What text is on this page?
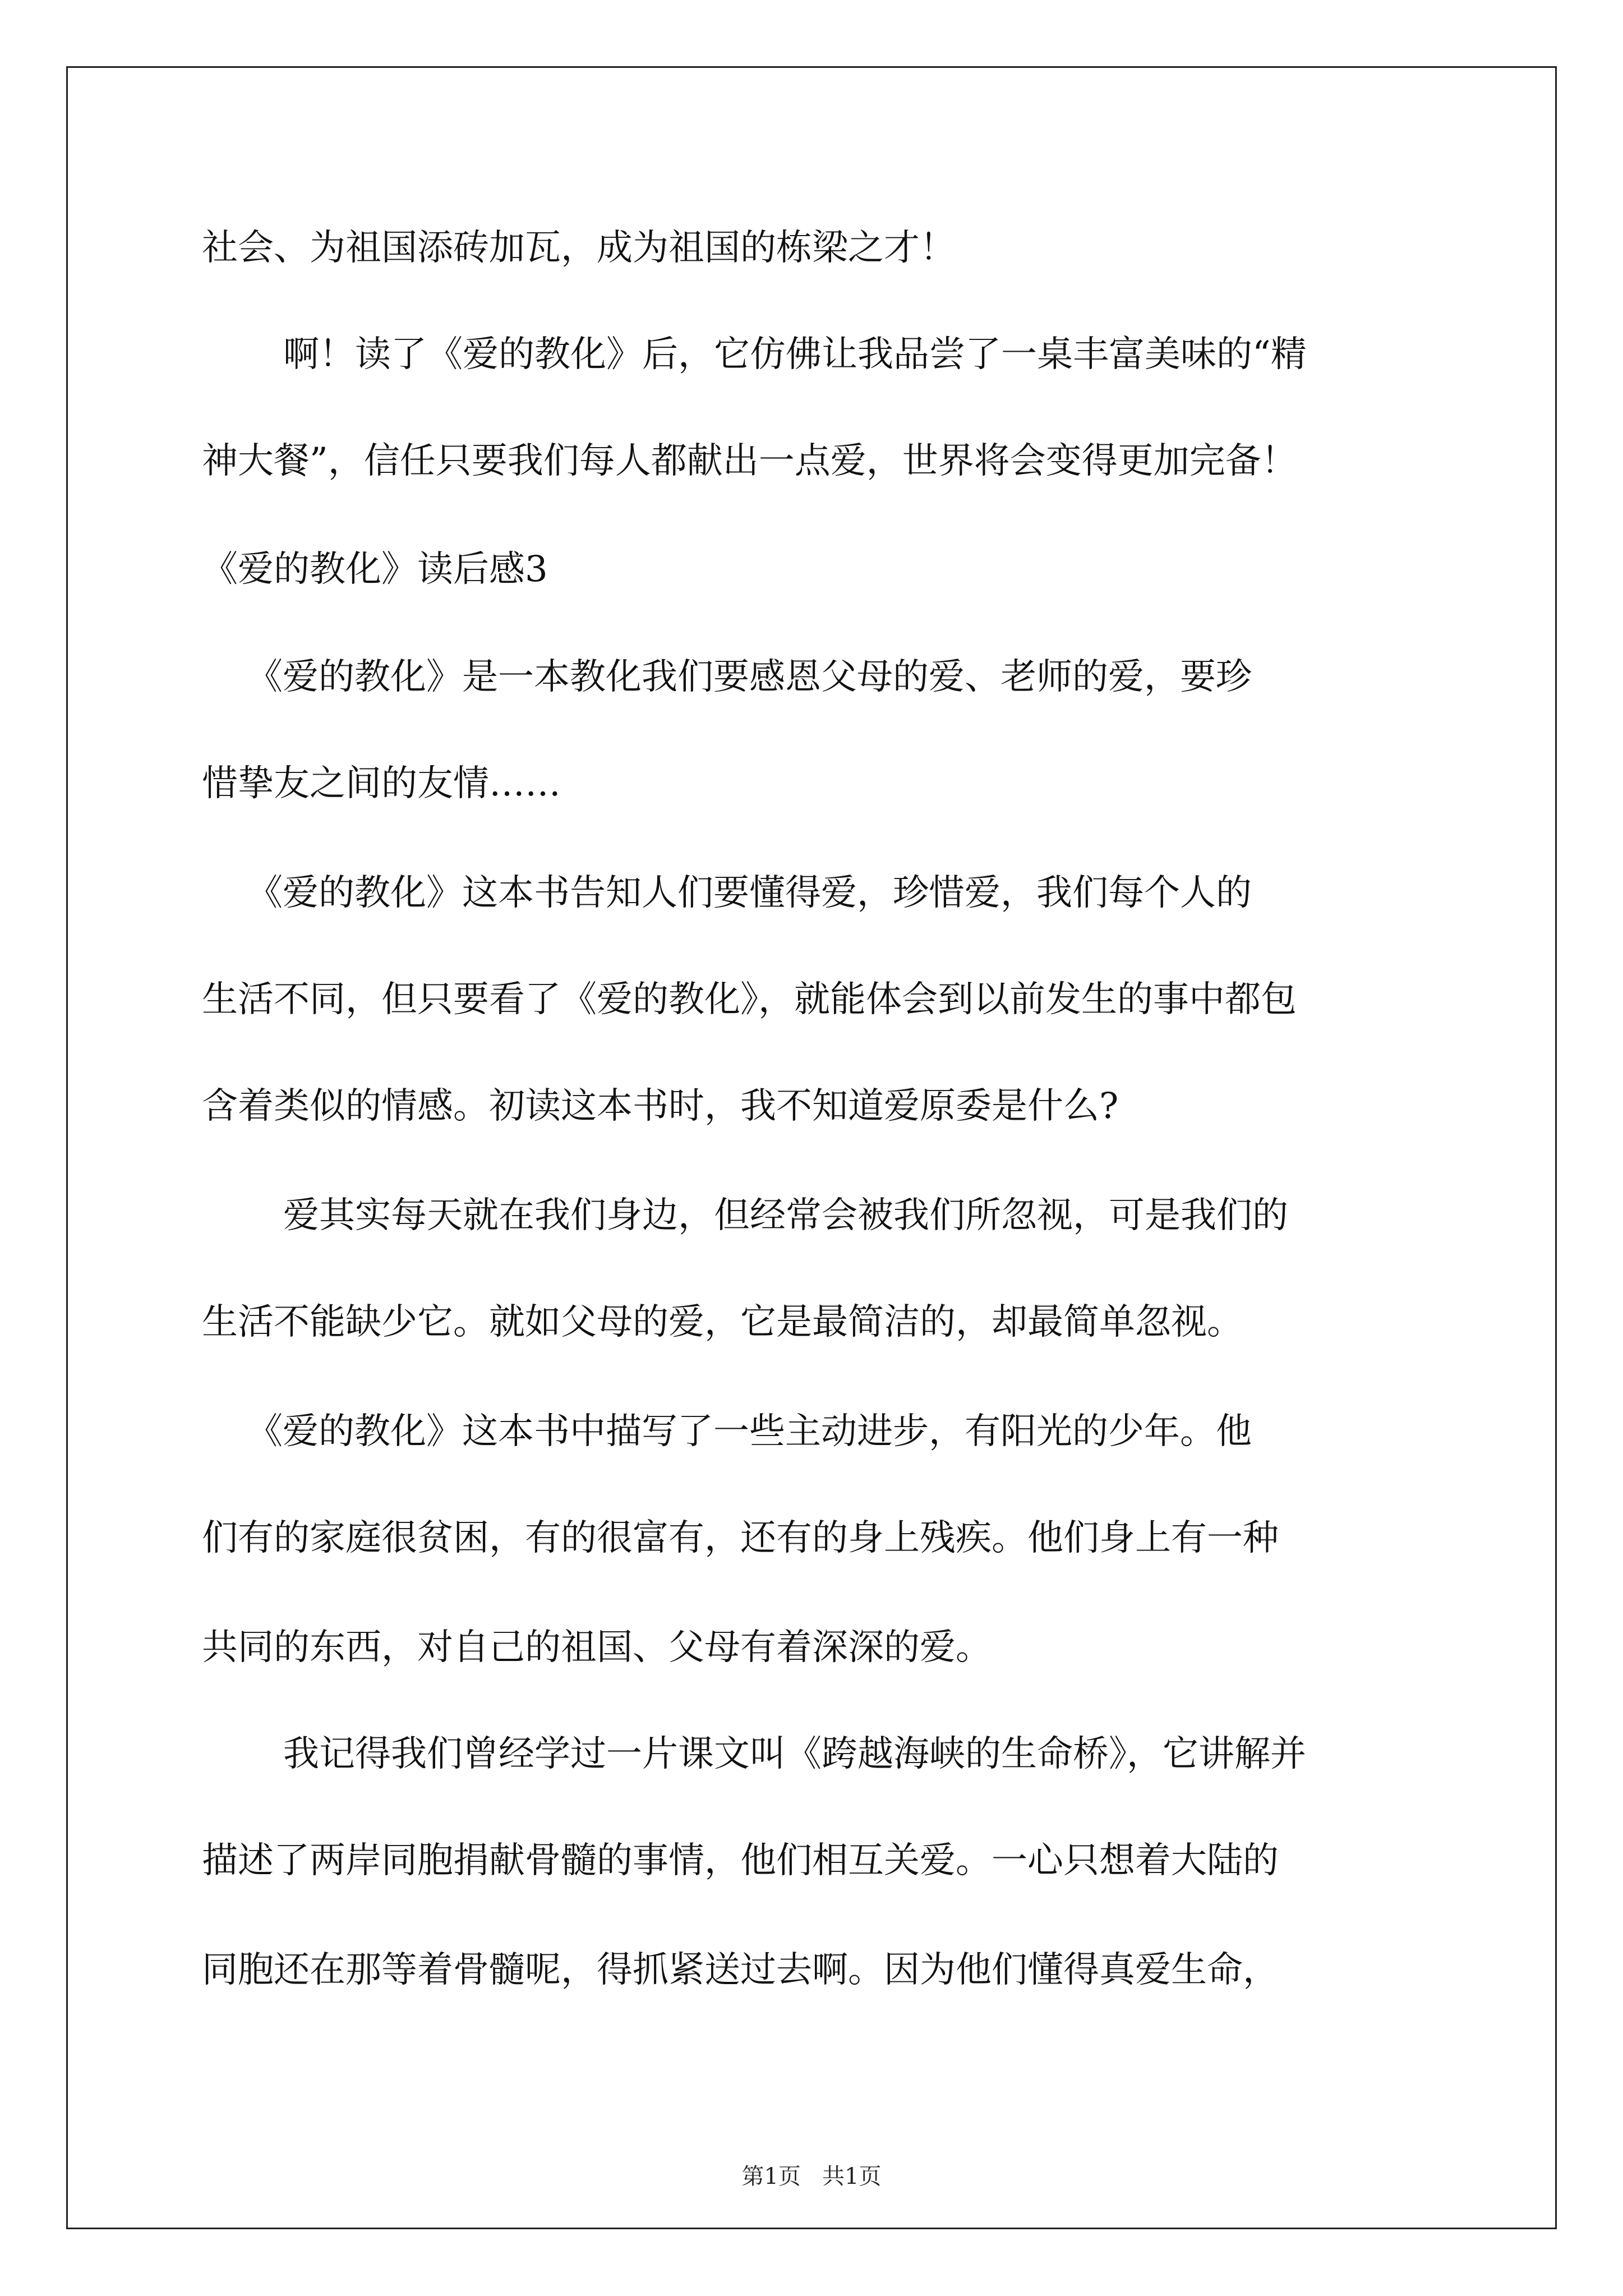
社会、为祖国添砖加瓦，成为祖国的栋梁之才！
啊！读了《爱的教化》后，它仿佛让我品尝了一桌丰富美味的“精
神大餐”，信任只要我们每人都献出一点爱，世界将会变得更加完备！
《爱的教化》读后感3
《爱的教化》是一本教化我们要感恩父母的爱、老师的爱，要珍
惜挚友之间的友情……
《爱的教化》这本书告知人们要懂得爱，珍惜爱，我们每个人的
生活不同，但只要看了《爱的教化》，就能体会到以前发生的事中都包
含着类似的情感。初读这本书时，我不知道爱原委是什么?
爱其实每天就在我们身边，但经常会被我们所忽视，可是我们的
生活不能缺少它。就如父母的爱，它是最简洁的，却最简单忽视。
《爱的教化》这本书中描写了一些主动进步，有阳光的少年。他
们有的家庭很贫困，有的很富有，还有的身上残疾。他们身上有一种
共同的东西，对自己的祖国、父母有着深深的爱。
我记得我们曾经学过一片课文叫《跨越海峡的生命桥》，它讲解并
描述了两岸同胞捐献骨髓的事情，他们相互关爱。一心只想着大陆的
同胞还在那等着骨髓呢，得抓紧送过去啊。因为他们懂得真爱生命，
第1页   共1页
